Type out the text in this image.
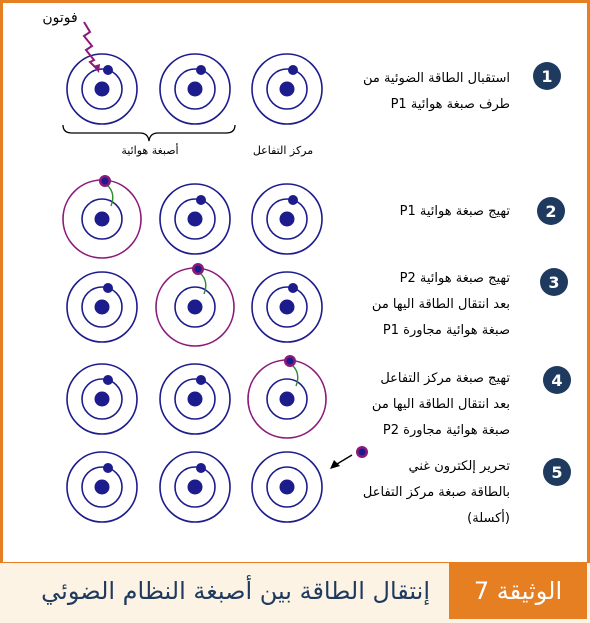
فوتون
أصبغة هوائية	مركز التفاعل
استقبال الطاقة الضوئية من
طرف صبغة هوائية P1
1
تهيج صبغة هوائية P1	2
تهيج صبغة هوائية P2
بعد انتقال الطاقة اليها من
صبغة هوائية مجاورة P1
3
تهيج صبغة مركز التفاعل
بعد انتقال الطاقة اليها من
صبغة هوائية مجاورة P2
4
تحرير إلكترون غني
بالطاقة صبغة مركز التفاعل
(أكسلة)
5
الوثيقة 7
إنتقال الطاقة بين أصبغة النظام الضوئي
